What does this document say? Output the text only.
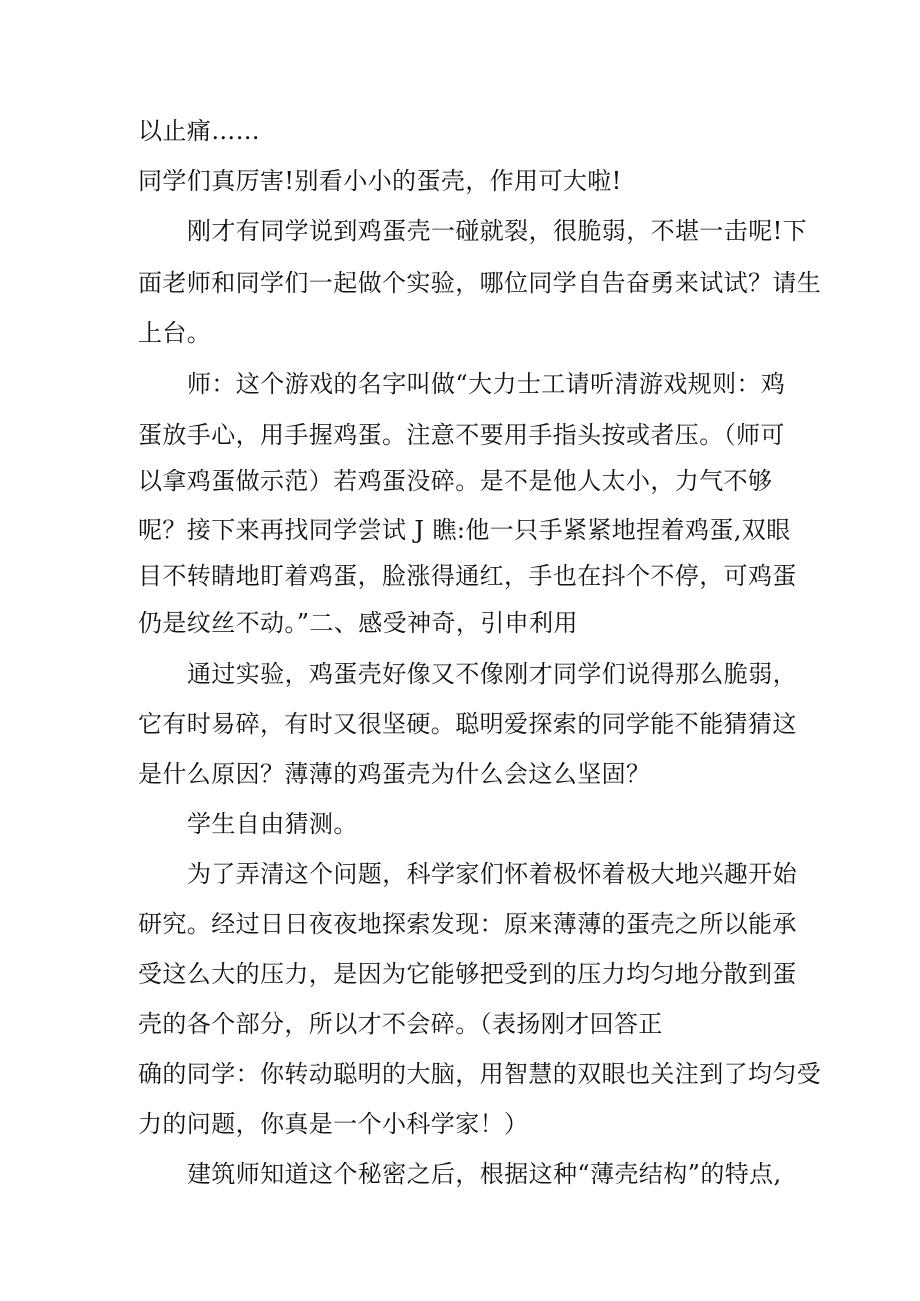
以止痛……
同学们真厉害!别看小小的蛋壳，作用可大啦!
刚才有同学说到鸡蛋壳一碰就裂，很脆弱，不堪一击呢!下
面老师和同学们一起做个实验，哪位同学自告奋勇来试试？请生
上台。
师：这个游戏的名字叫做“大力士工请听清游戏规则：鸡
蛋放手心，用手握鸡蛋。注意不要用手指头按或者压。（师可
以拿鸡蛋做示范）若鸡蛋没碎。是不是他人太小，力气不够
呢？接下来再找同学尝试 J 瞧:他一只手紧紧地捏着鸡蛋,双眼
目不转睛地盯着鸡蛋，脸涨得通红，手也在抖个不停，可鸡蛋
仍是纹丝不动。”二、感受神奇，引申利用
通过实验，鸡蛋壳好像又不像刚才同学们说得那么脆弱，
它有时易碎，有时又很坚硬。聪明爱探索的同学能不能猜猜这
是什么原因？薄薄的鸡蛋壳为什么会这么坚固？
学生自由猜测。
为了弄清这个问题，科学家们怀着极怀着极大地兴趣开始
研究。经过日日夜夜地探索发现：原来薄薄的蛋壳之所以能承
受这么大的压力，是因为它能够把受到的压力均匀地分散到蛋
壳的各个部分，所以才不会碎。（表扬刚才回答正
确的同学：你转动聪明的大脑，用智慧的双眼也关注到了均匀受
力的问题，你真是一个小科学家！）
建筑师知道这个秘密之后，根据这种“薄壳结构”的特点,
